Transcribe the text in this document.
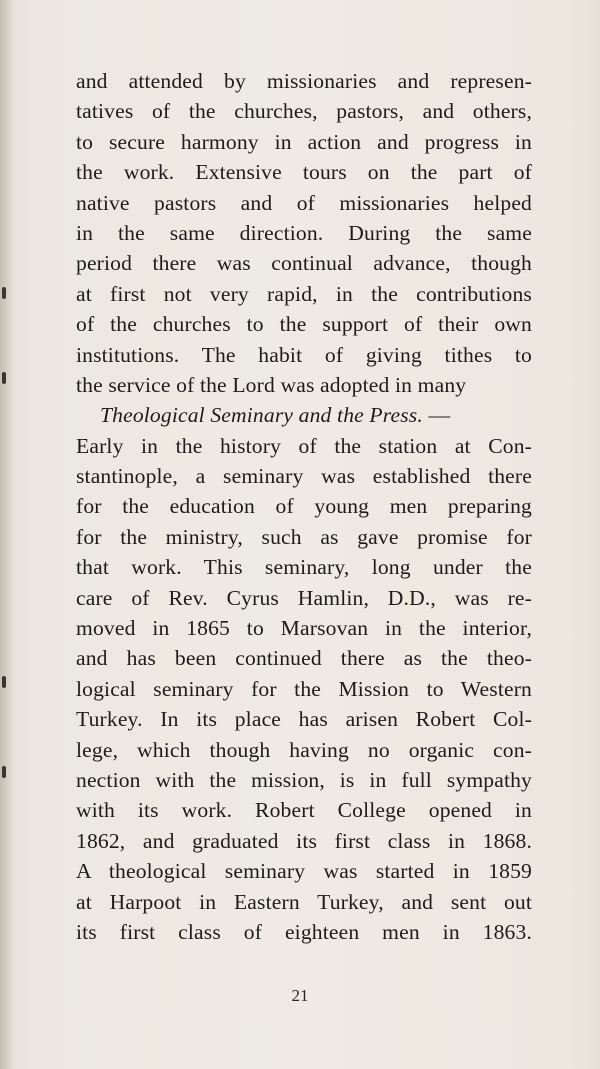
and attended by missionaries and represen-
tatives of the churches, pastors, and others,
to secure harmony in action and progress in
the work. Extensive tours on the part of
native pastors and of missionaries helped
in the same direction. During the same
period there was continual advance, though
at first not very rapid, in the contributions
of the churches to the support of their own
institutions. The habit of giving tithes to
the service of the Lord was adopted in many
Theological Seminary and the Press. —
Early in the history of the station at Con-
stantinople, a seminary was established there
for the education of young men preparing
for the ministry, such as gave promise for
that work. This seminary, long under the
care of Rev. Cyrus Hamlin, D.D., was re-
moved in 1865 to Marsovan in the interior,
and has been continued there as the theo-
logical seminary for the Mission to Western
Turkey. In its place has arisen Robert Col-
lege, which though having no organic con-
nection with the mission, is in full sympathy
with its work. Robert College opened in
1862, and graduated its first class in 1868.
A theological seminary was started in 1859
at Harpoot in Eastern Turkey, and sent out
its first class of eighteen men in 1863.
21
